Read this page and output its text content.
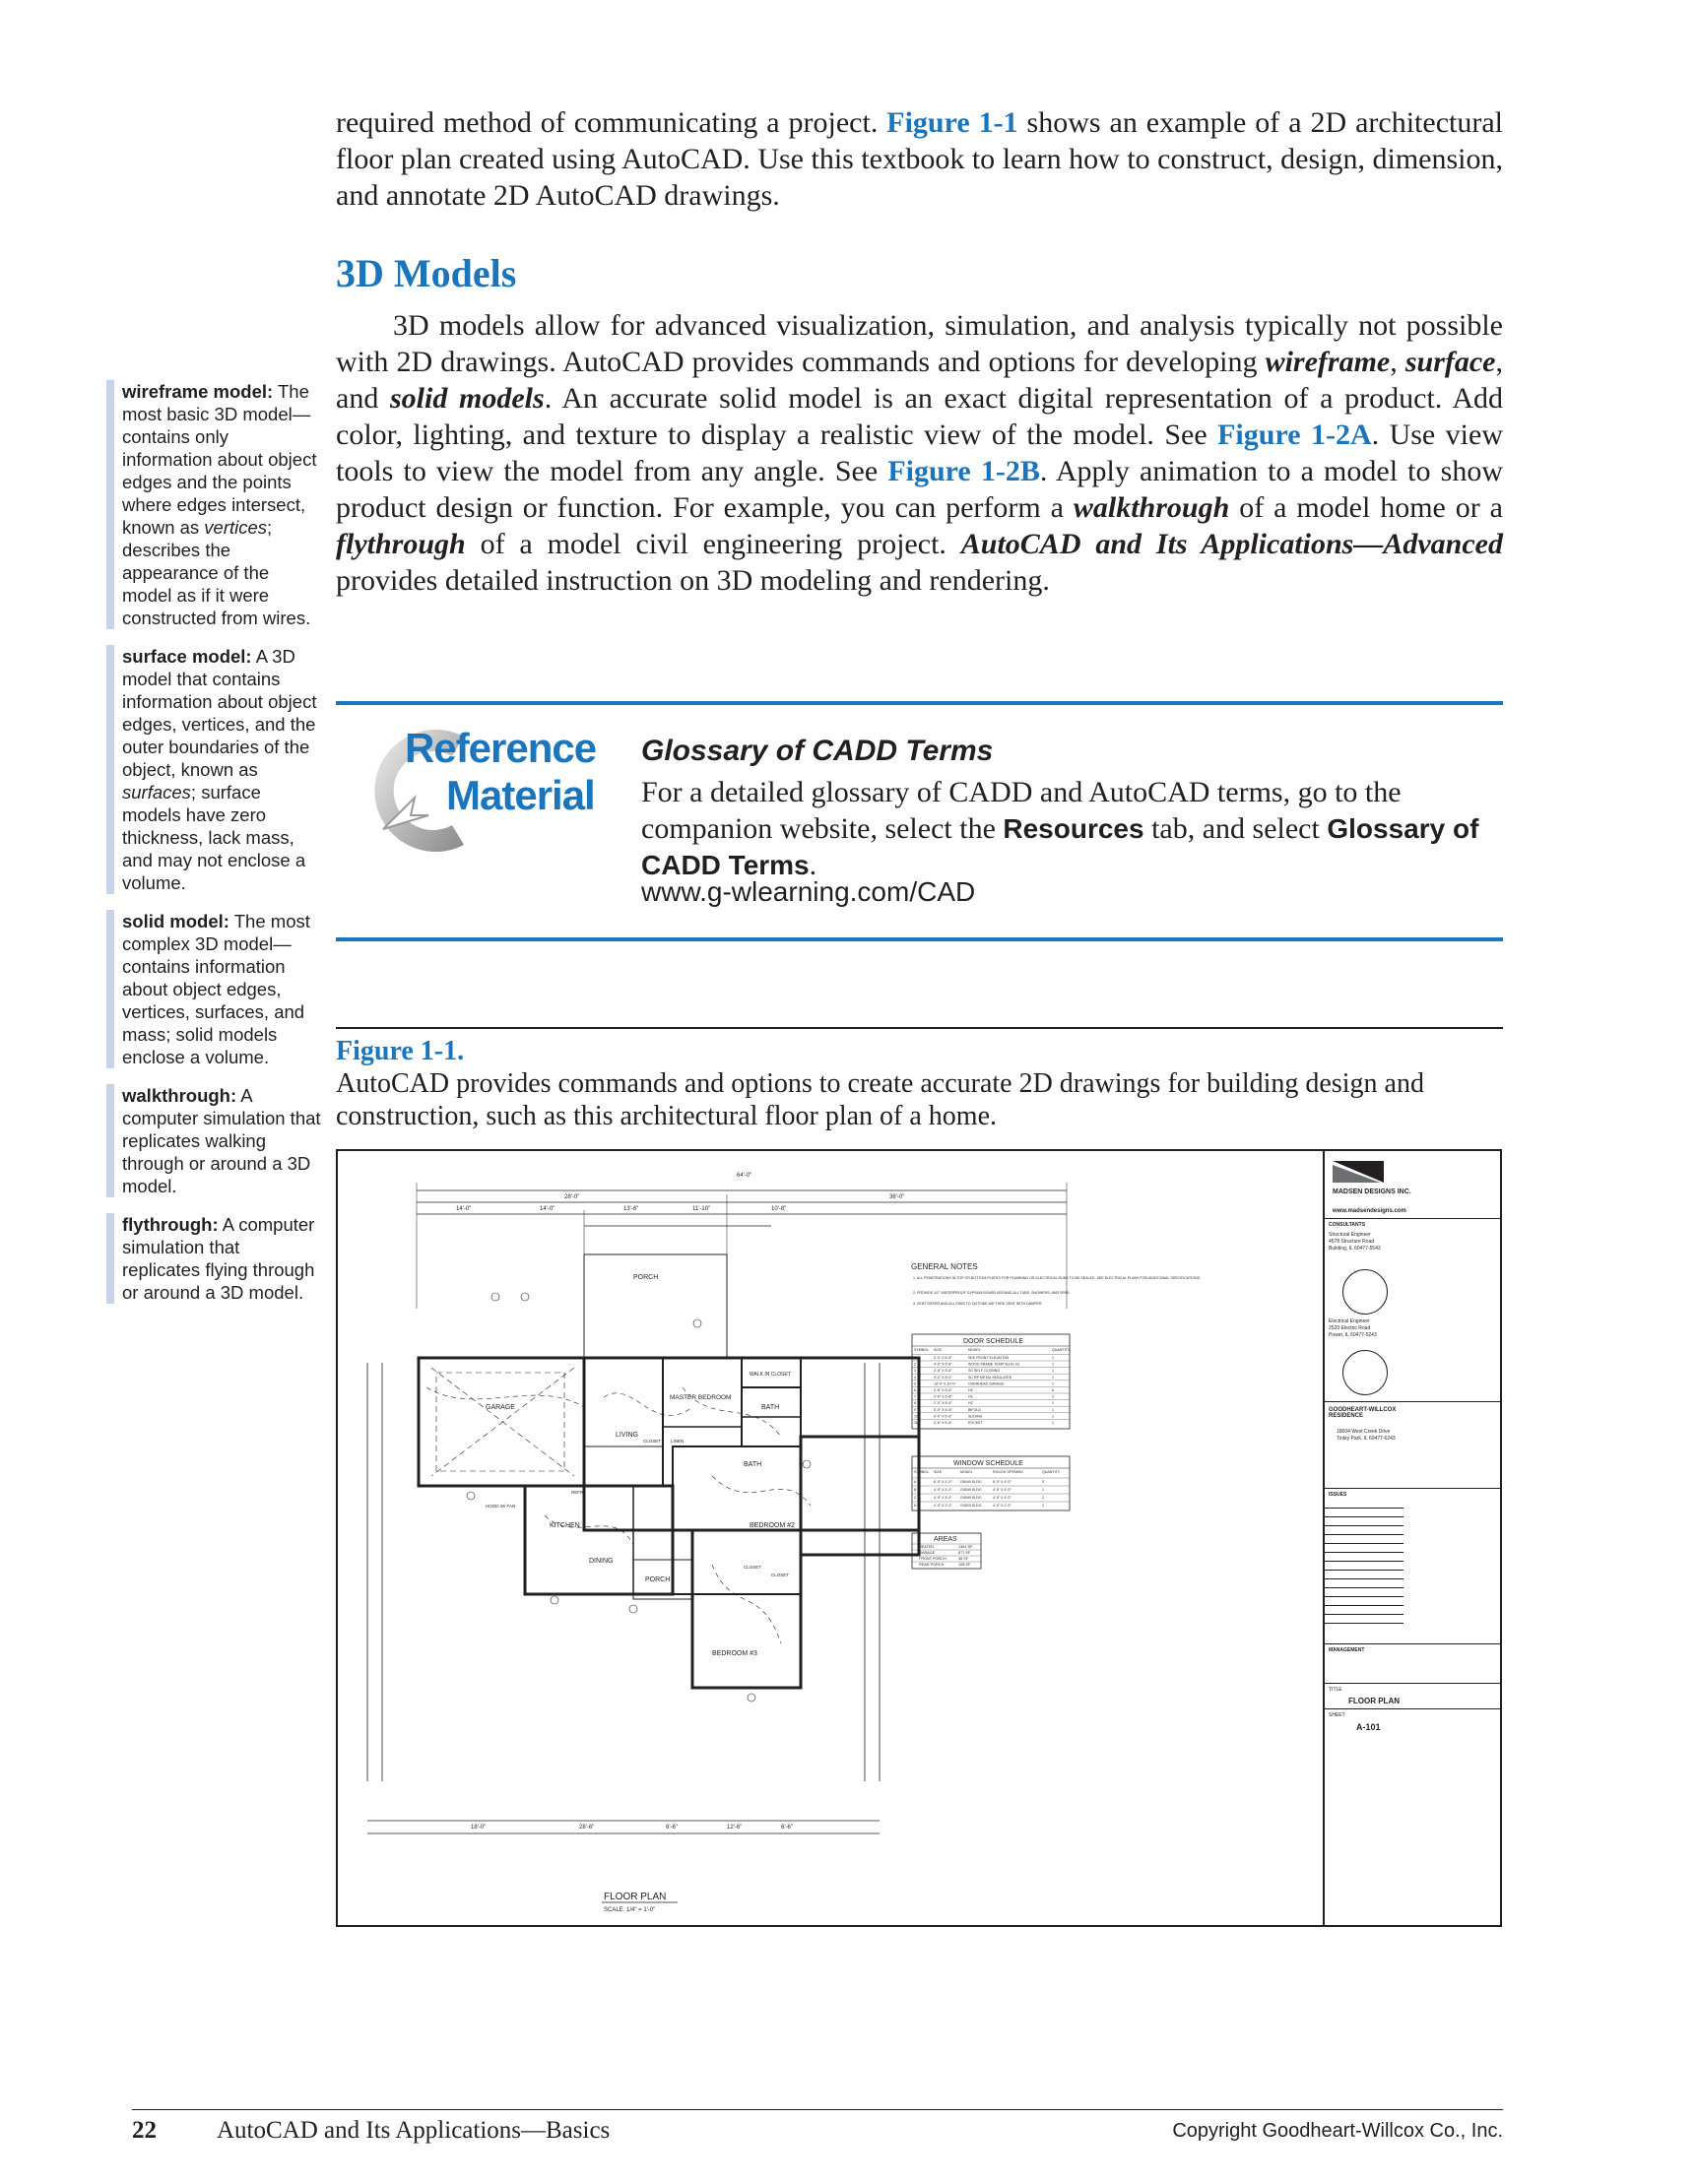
required method of communicating a project. Figure 1-1 shows an example of a 2D architectural floor plan created using AutoCAD. Use this textbook to learn how to construct, design, dimension, and annotate 2D AutoCAD drawings.
3D Models
3D models allow for advanced visualization, simulation, and analysis typically not possible with 2D drawings. AutoCAD provides commands and options for developing wireframe, surface, and solid models. An accurate solid model is an exact digital representation of a product. Add color, lighting, and texture to display a realistic view of the model. See Figure 1-2A. Use view tools to view the model from any angle. See Figure 1-2B. Apply animation to a model to show product design or function. For example, you can perform a walkthrough of a model home or a flythrough of a model civil engineering project. AutoCAD and Its Applications—Advanced provides detailed instruction on 3D modeling and rendering.
wireframe model: The most basic 3D model—contains only information about object edges and the points where edges intersect, known as vertices; describes the appearance of the model as if it were constructed from wires.
surface model: A 3D model that contains information about object edges, vertices, and the outer boundaries of the object, known as surfaces; surface models have zero thickness, lack mass, and may not enclose a volume.
solid model: The most complex 3D model—contains information about object edges, vertices, surfaces, and mass; solid models enclose a volume.
walkthrough: A computer simulation that replicates walking through or around a 3D model.
flythrough: A computer simulation that replicates flying through or around a 3D model.
Reference
Material
Glossary of CADD Terms
For a detailed glossary of CADD and AutoCAD terms, go to the companion website, select the Resources tab, and select Glossary of CADD Terms.
www.g-wlearning.com/CAD
Figure 1-1.
AutoCAD provides commands and options to create accurate 2D drawings for building design and construction, such as this architectural floor plan of a home.
64'-0"
28'-0"	36'-0"
14'-0"	14'-0"	13'-6"	11'-10"	10'-8"
18'-0"	28'-6"	6'-6"	12'-6"	6'-6"
PORCH
GARAGE
MASTER BEDROOM
WALK IN CLOSET
BATH
LIVING
KITCHEN
DINING
BEDROOM #2
BATH
BEDROOM #3
PORCH
CLOSET LINEN
CLOSET
CLOSET
HOOD W/ FAN
REFR
FLOOR PLAN
SCALE: 1/4" = 1'-0"
GENERAL NOTES
1. ALL PENETRATIONS IN TOP OR BOTTOM PLATES FOR PLUMBING OR ELECTRICAL RUNS TO BE SEALED. SEE ELECTRICAL PLANS FOR ADDITIONAL SPECIFICATIONS.
2. PROVIDE 1/2" WATERPROOF GYPSUM BOARD AROUND ALL TUBS, SHOWERS, AND SPAS.
3. VENT DRYER AND ALL FANS TO OUTSIDE AIR THRU VENT WITH DAMPER.
DOOR SCHEDULE
SYMBOL SIZE	MODEL	QUANTITY
1	3'-0" X 6'-8"	SEE FRONT ELEVATION	1
2	4'-0" X 6'-8"	WOOD FRAME TEMP SLDG GL	1
3	2'-8" X 6'-8"	SC SELF CLOSING	1
4	9'-0" X 8'-0"	SC RP METAL INSULATED	1
5	16'-0" X 10'-0"	OVERHEAD GARAGE	1
6	2'-8" X 6'-8"	HC	6
7	2'-6" X 6'-8"	HC	2
8	2'-0" X 6'-8"	HC	1
9	5'-0" X 6'-8"	BIFOLD	1
10	6'-0" X 6'-8"	SLIDING	1
11	2'-6" X 6'-8"	POCKET	1
WINDOW SCHEDULE
SYMBOL SIZE	MODEL	ROUGH OPENING	QUANTITY
A	6'-0" X 4'-0" G6040 SLDG	6'-0" X 4'-0"	3
B	4'-0" X 4'-0" G4040 SLDG	4'-0" X 4'-0"	1
C	4'-0" X 4'-0" G4040 SLDG	4'-0" X 4'-0"	2
D	4'-0" X 2'-0" G4020 SLDG	4'-0" X 2'-0"	1
AREAS
HEATED	1381 SF
GARAGE	677 SF
FRONT PORCH	48 SF
REAR PORCH	108 SF
MADSEN DESIGNS INC.
www.madsendesigns.com
CONSULTANTS
Structural Engineer
4578 Structure Road
Building, IL 60477-5543
Electrical Engineer
2520 Electric Road
Power, IL 60477-5243
GOODHEART-WILLCOX RESIDENCE
18604 West Creek Drive
Tinley Park, IL 60477-6243
ISSUES
MANAGEMENT
TITLE
FLOOR PLAN
SHEET
A-101
22 AutoCAD and Its Applications—Basics	Copyright Goodheart-Willcox Co., Inc.
